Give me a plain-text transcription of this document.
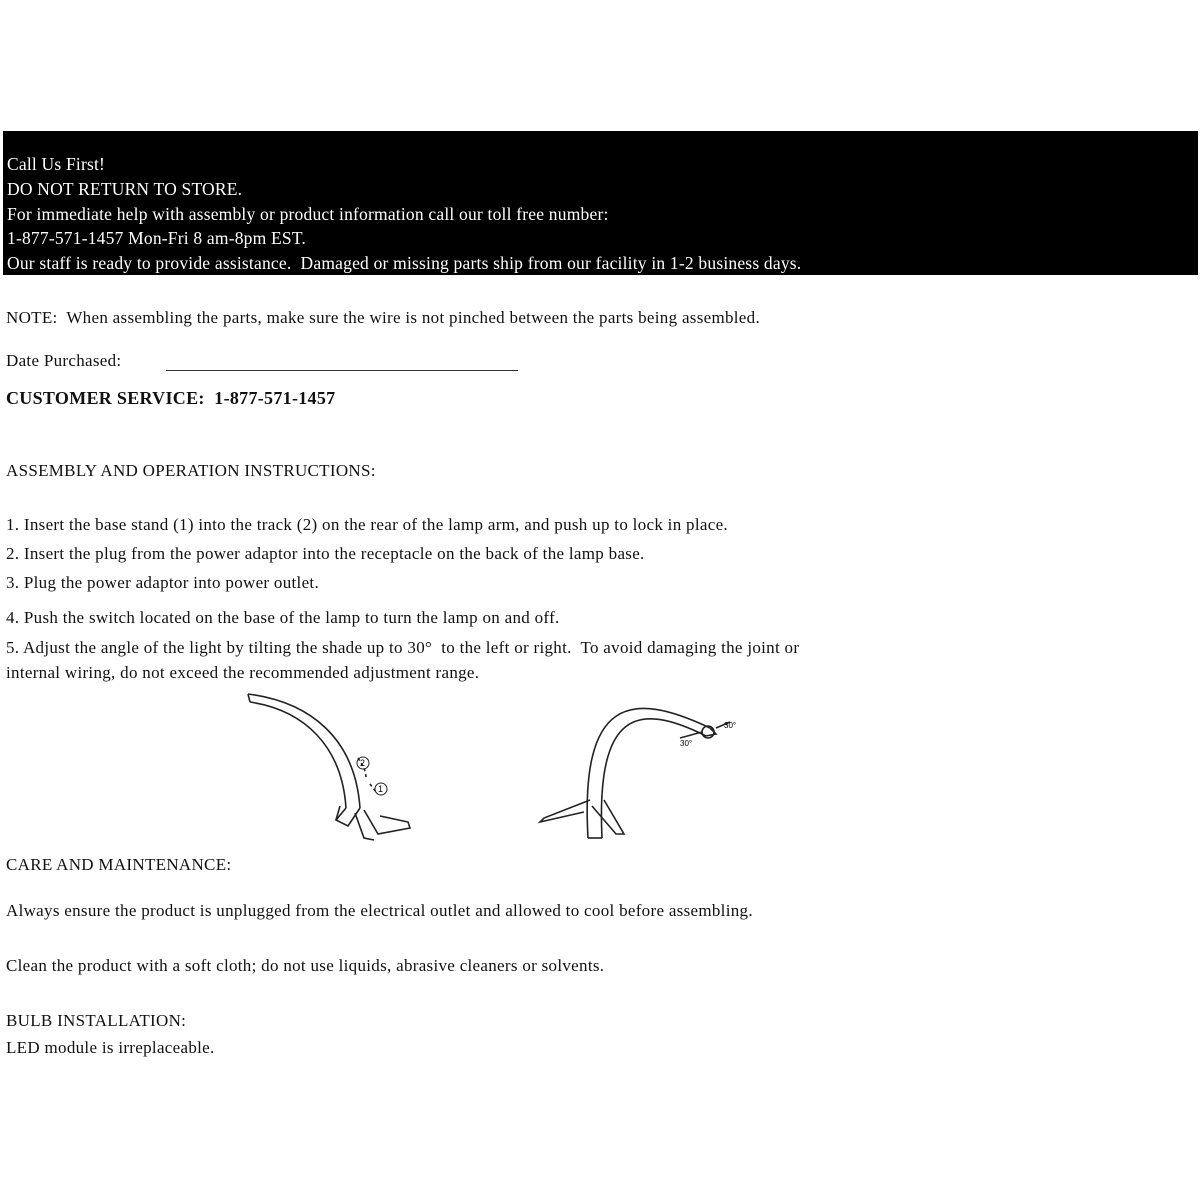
Call Us First!
DO NOT RETURN TO STORE.
For immediate help with assembly or product information call our toll free number:
1-877-571-1457 Mon-Fri 8 am-8pm EST.
Our staff is ready to provide assistance.  Damaged or missing parts ship from our facility in 1-2 business days.
NOTE:  When assembling the parts, make sure the wire is not pinched between the parts being assembled.
Date Purchased:
CUSTOMER SERVICE:  1-877-571-1457
ASSEMBLY AND OPERATION INSTRUCTIONS:
1. Insert the base stand (1) into the track (2) on the rear of the lamp arm, and push up to lock in place.
2. Insert the plug from the power adaptor into the receptacle on the back of the lamp base.
3. Plug the power adaptor into power outlet.
4. Push the switch located on the base of the lamp to turn the lamp on and off.
5. Adjust the angle of the light by tilting the shade up to 30°  to the left or right.  To avoid damaging the joint or
internal wiring, do not exceed the recommended adjustment range.
2
1
30°
30°
CARE AND MAINTENANCE:
Always ensure the product is unplugged from the electrical outlet and allowed to cool before assembling.
Clean the product with a soft cloth; do not use liquids, abrasive cleaners or solvents.
BULB INSTALLATION:
LED module is irreplaceable.
